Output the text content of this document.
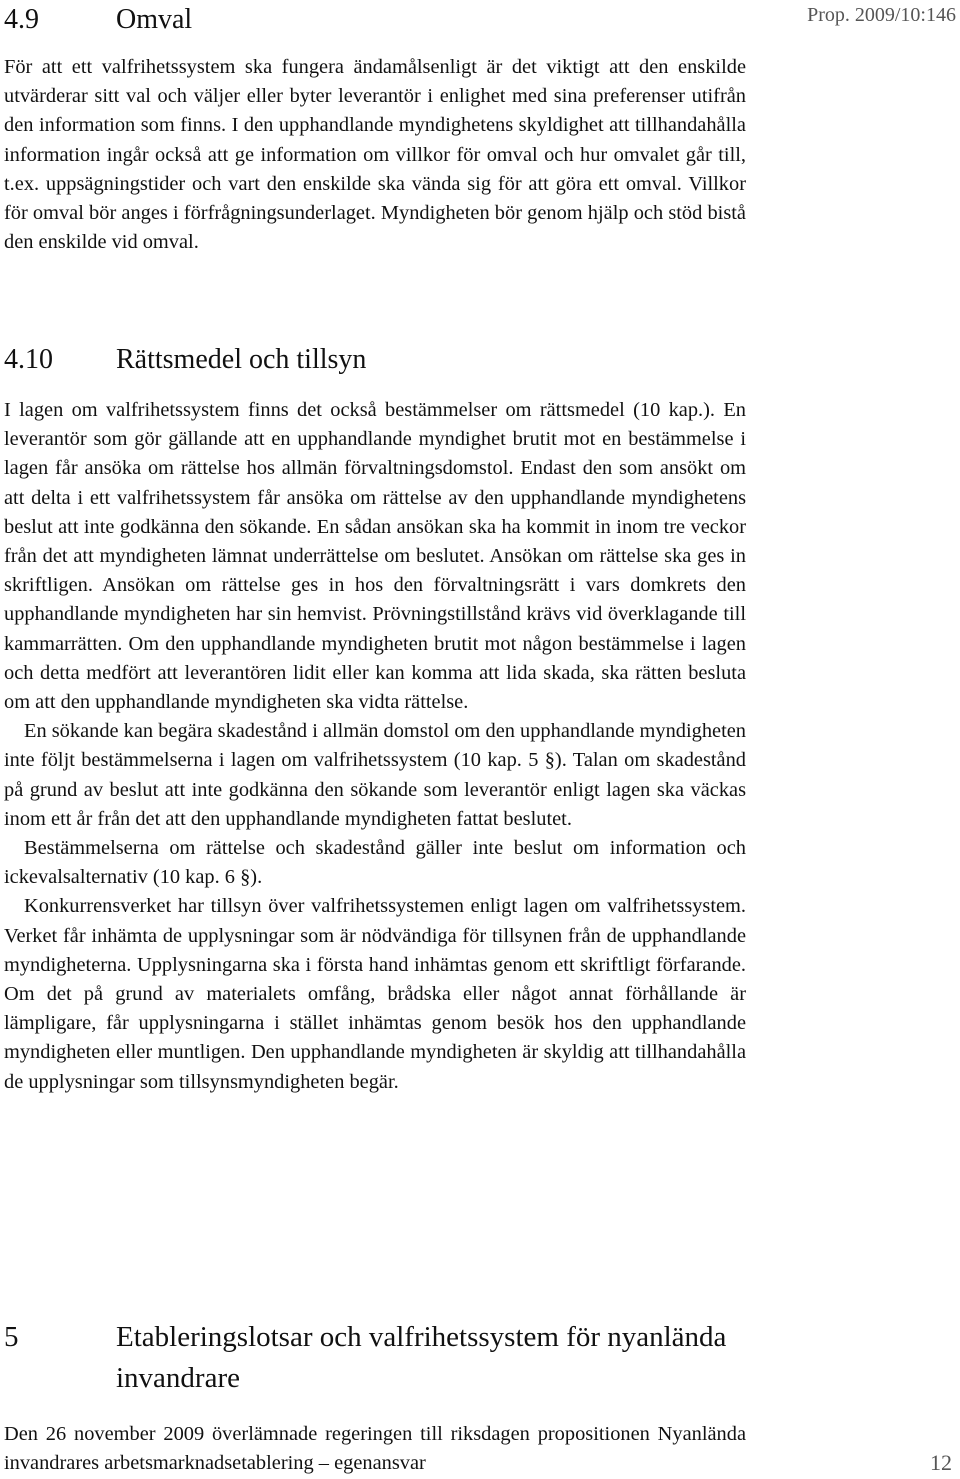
Prop. 2009/10:146
4.9	Omval

För att ett valfrihetssystem ska fungera ändamålsenligt är det viktigt att den enskilde utvärderar sitt val och väljer eller byter leverantör i enlighet med sina preferenser utifrån den information som finns. I den upphandlande myndighetens skyldighet att tillhandahålla information ingår också att ge information om villkor för omval och hur omvalet går till, t.ex. uppsägningstider och vart den enskilde ska vända sig för att göra ett omval. Villkor för omval bör anges i förfrågningsunderlaget. Myndigheten bör genom hjälp och stöd bistå den enskilde vid omval.

4.10 Rättsmedel och tillsyn

I lagen om valfrihetssystem finns det också bestämmelser om rättsmedel (10 kap.). En leverantör som gör gällande att en upphandlande myndighet brutit mot en bestämmelse i lagen får ansöka om rättelse hos allmän förvaltningsdomstol. Endast den som ansökt om att delta i ett valfrihetssystem får ansöka om rättelse av den upphandlande myndighetens beslut att inte godkänna den sökande. En sådan ansökan ska ha kommit in inom tre veckor från det att myndigheten lämnat underrättelse om beslutet. Ansökan om rättelse ska ges in skriftligen. Ansökan om rättelse ges in hos den förvaltningsrätt i vars domkrets den upphandlande myndigheten har sin hemvist. Prövningstillstånd krävs vid överklagande till kammarrätten. Om den upphandlande myndigheten brutit mot någon bestämmelse i lagen och detta medfört att leverantören lidit eller kan komma att lida skada, ska rätten besluta om att den upphandlande myndigheten ska vidta rättelse.

En sökande kan begära skadestånd i allmän domstol om den upphandlande myndigheten inte följt bestämmelserna i lagen om valfrihetssystem (10 kap. 5 §). Talan om skadestånd på grund av beslut att inte godkänna den sökande som leverantör enligt lagen ska väckas inom ett år från det att den upphandlande myndigheten fattat beslutet.

Bestämmelserna om rättelse och skadestånd gäller inte beslut om information och ickevalsalternativ (10 kap. 6 §).

Konkurrensverket har tillsyn över valfrihetssystemen enligt lagen om valfrihetssystem. Verket får inhämta de upplysningar som är nödvändiga för tillsynen från de upphandlande myndigheterna. Upplysningarna ska i första hand inhämtas genom ett skriftligt förfarande. Om det på grund av materialets omfång, brådska eller något annat förhållande är lämpligare, får upplysningarna i stället inhämtas genom besök hos den upphandlande myndigheten eller muntligen. Den upphandlande myndigheten är skyldig att tillhandahålla de upplysningar som tillsynsmyndigheten begär.

5	Etableringslotsar och valfrihetssystem för nyanlända invandrare

Den 26 november 2009 överlämnade regeringen till riksdagen propositionen Nyanlända invandrares arbetsmarknadsetablering – egenansvar	12
